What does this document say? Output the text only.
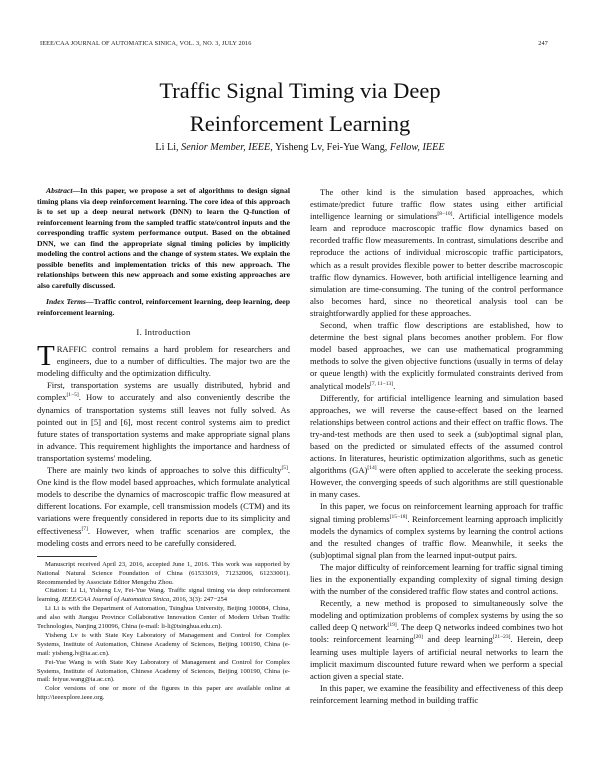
IEEE/CAA JOURNAL OF AUTOMATICA SINICA, VOL. 3, NO. 3, JULY 2016	247
Traffic Signal Timing via Deep
Reinforcement Learning
Li Li, Senior Member, IEEE, Yisheng Lv, Fei-Yue Wang, Fellow, IEEE

Abstract—In this paper, we propose a set of algorithms to design signal timing plans via deep reinforcement learning. The core idea of this approach is to set up a deep neural network (DNN) to learn the Q-function of reinforcement learning from the sampled traffic state/control inputs and the corresponding traffic system performance output. Based on the obtained DNN, we can find the appropriate signal timing policies by implicitly modeling the control actions and the change of system states. We explain the possible benefits and implementation tricks of this new approach. The relationships between this new approach and some existing approaches are also carefully discussed.

Index Terms—Traffic control, reinforcement learning, deep learning, deep reinforcement learning.

I. Introduction

TRAFFIC control remains a hard problem for researchers and engineers, due to a number of difficulties. The major two are the modeling difficulty and the optimization difficulty.

First, transportation systems are usually distributed, hybrid and complex[1−5]. How to accurately and also conveniently describe the dynamics of transportation systems still leaves not fully solved. As pointed out in [5] and [6], most recent control systems aim to predict future states of transportation systems and make appropriate signal plans in advance. This requirement highlights the importance and hardness of transportation systems' modeling.

There are mainly two kinds of approaches to solve this difficulty[5]. One kind is the flow model based approaches, which formulate analytical models to describe the dynamics of macroscopic traffic flow measured at different locations. For example, cell transmission models (CTM) and its variations were frequently considered in reports due to its simplicity and effectiveness[7]. However, when traffic scenarios are complex, the modeling costs and errors need to be carefully considered.

Manuscript received April 23, 2016, accepted June 1, 2016. This work was supported by National Natural Science Foundation of China (61533019, 71232006, 61233001). Recommended by Associate Editor Mengchu Zhou.

Citation: Li Li, Yisheng Lv, Fei-Yue Wang. Traffic signal timing via deep reinforcement learning. IEEE/CAA Journal of Automatica Sinica, 2016, 3(3): 247−254

Li Li is with the Department of Automation, Tsinghua University, Beijing 100084, China, and also with Jiangsu Province Collaborative Innovation Center of Modern Urban Traffic Technologies, Nanjing 210096, China (e-mail: li-li@tsinghua.edu.cn).

Yisheng Lv is with State Key Laboratory of Management and Control for Complex Systems, Institute of Automation, Chinese Academy of Sciences, Beijing 100190, China (e-mail: yisheng.lv@ia.ac.cn).

Fei-Yue Wang is with State Key Laboratory of Management and Control for Complex Systems, Institute of Automation, Chinese Academy of Sciences, Beijing 100190, China (e-mail: feiyue.wang@ia.ac.cn).

Color versions of one or more of the figures in this paper are available online at http://ieeexplore.ieee.org.

The other kind is the simulation based approaches, which estimate/predict future traffic flow states using either artificial intelligence learning or simulations[8−10]. Artificial intelligence models learn and reproduce macroscopic traffic flow dynamics based on recorded traffic flow measurements. In contrast, simulations describe and reproduce the actions of individual microscopic traffic participators, which as a result provides flexible power to better describe macroscopic traffic flow dynamics. However, both artificial intelligence learning and simulation are time-consuming. The tuning of the control performance also becomes hard, since no theoretical analysis tool can be straightforwardly applied for these approaches.

Second, when traffic flow descriptions are established, how to determine the best signal plans becomes another problem. For flow model based approaches, we can use mathematical programming methods to solve the given objective functions (usually in terms of delay or queue length) with the explicitly formulated constraints derived from analytical models[7, 11−13].

Differently, for artificial intelligence learning and simulation based approaches, we will reverse the cause-effect based on the learned relationships between control actions and their effect on traffic flows. The try-and-test methods are then used to seek a (sub)optimal signal plan, based on the predicted or simulated effects of the assumed control actions. In literatures, heuristic optimization algorithms, such as genetic algorithms (GA)[14] were often applied to accelerate the seeking process. However, the converging speeds of such algorithms are still questionable in many cases.

In this paper, we focus on reinforcement learning approach for traffic signal timing problems[15−18]. Reinforcement learning approach implicitly models the dynamics of complex systems by learning the control actions and the resulted changes of traffic flow. Meanwhile, it seeks the (sub)optimal signal plan from the learned input-output pairs.

The major difficulty of reinforcement learning for traffic signal timing lies in the exponentially expanding complexity of signal timing design with the number of the considered traffic flow states and control actions.

Recently, a new method is proposed to simultaneously solve the modeling and optimization problems of complex systems by using the so called deep Q network[19]. The deep Q networks indeed combines two hot tools: reinforcement learning[20] and deep learning[21−23]. Herein, deep learning uses multiple layers of artificial neural networks to learn the implicit maximum discounted future reward when we perform a special action given a special state.

In this paper, we examine the feasibility and effectiveness of this deep reinforcement learning method in building traffic
